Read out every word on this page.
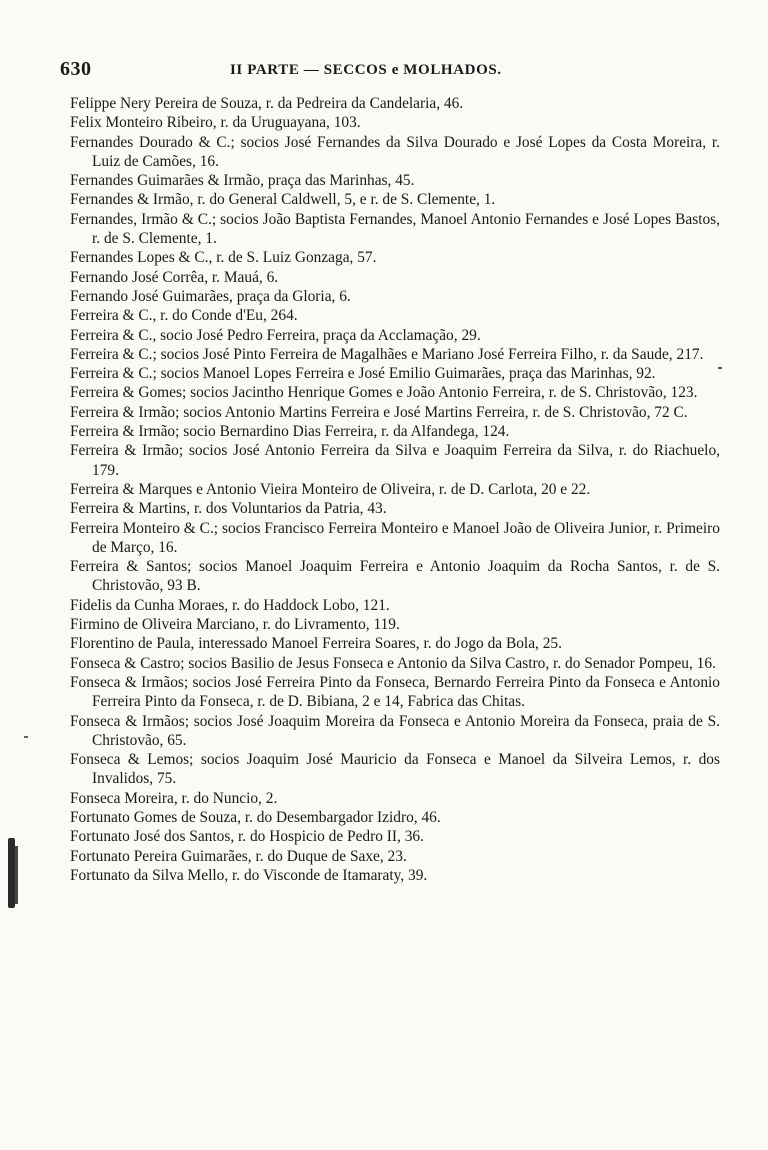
630	II PARTE — SECCOS e MOLHADOS.

Felippe Nery Pereira de Souza, r. da Pedreira da Candelaria, 46.

Felix Monteiro Ribeiro, r. da Uruguayana, 103.

Fernandes Dourado & C.; socios José Fernandes da Silva Dourado e José Lopes da Costa Moreira, r. Luiz de Camões, 16.

Fernandes Guimarães & Irmão, praça das Marinhas, 45.

Fernandes & Irmão, r. do General Caldwell, 5, e r. de S. Clemente, 1.

Fernandes, Irmão & C.; socios João Baptista Fernandes, Manoel Antonio Fernandes e José Lopes Bastos, r. de S. Clemente, 1.

Fernandes Lopes & C., r. de S. Luiz Gonzaga, 57.

Fernando José Corrêa, r. Mauá, 6.

Fernando José Guimarães, praça da Gloria, 6.

Ferreira & C., r. do Conde d'Eu, 264.

Ferreira & C., socio José Pedro Ferreira, praça da Acclamação, 29.

Ferreira & C.; socios José Pinto Ferreira de Magalhães e Mariano José Ferreira Filho, r. da Saude, 217.

Ferreira & C.; socios Manoel Lopes Ferreira e José Emilio Guimarães, praça das Marinhas, 92.

Ferreira & Gomes; socios Jacintho Henrique Gomes e João Antonio Ferreira, r. de S. Christovão, 123.

Ferreira & Irmão; socios Antonio Martins Ferreira e José Martins Ferreira, r. de S. Christovão, 72 C.

Ferreira & Irmão; socio Bernardino Dias Ferreira, r. da Alfandega, 124.

Ferreira & Irmão; socios José Antonio Ferreira da Silva e Joaquim Ferreira da Silva, r. do Riachuelo, 179.

Ferreira & Marques e Antonio Vieira Monteiro de Oliveira, r. de D. Carlota, 20 e 22.

Ferreira & Martins, r. dos Voluntarios da Patria, 43.

Ferreira Monteiro & C.; socios Francisco Ferreira Monteiro e Manoel João de Oliveira Junior, r. Primeiro de Março, 16.

Ferreira & Santos; socios Manoel Joaquim Ferreira e Antonio Joaquim da Rocha Santos, r. de S. Christovão, 93 B.

Fidelis da Cunha Moraes, r. do Haddock Lobo, 121.

Firmino de Oliveira Marciano, r. do Livramento, 119.

Florentino de Paula, interessado Manoel Ferreira Soares, r. do Jogo da Bola, 25.

Fonseca & Castro; socios Basilio de Jesus Fonseca e Antonio da Silva Castro, r. do Senador Pompeu, 16.

Fonseca & Irmãos; socios José Ferreira Pinto da Fonseca, Bernardo Ferreira Pinto da Fonseca e Antonio Ferreira Pinto da Fonseca, r. de D. Bibiana, 2 e 14, Fabrica das Chitas.

Fonseca & Irmãos; socios José Joaquim Moreira da Fonseca e Antonio Moreira da Fonseca, praia de S. Christovão, 65.

Fonseca & Lemos; socios Joaquim José Mauricio da Fonseca e Manoel da Silveira Lemos, r. dos Invalidos, 75.

Fonseca Moreira, r. do Nuncio, 2.

Fortunato Gomes de Souza, r. do Desembargador Izidro, 46.

Fortunato José dos Santos, r. do Hospicio de Pedro II, 36.

Fortunato Pereira Guimarães, r. do Duque de Saxe, 23.

Fortunato da Silva Mello, r. do Visconde de Itamaraty, 39.
